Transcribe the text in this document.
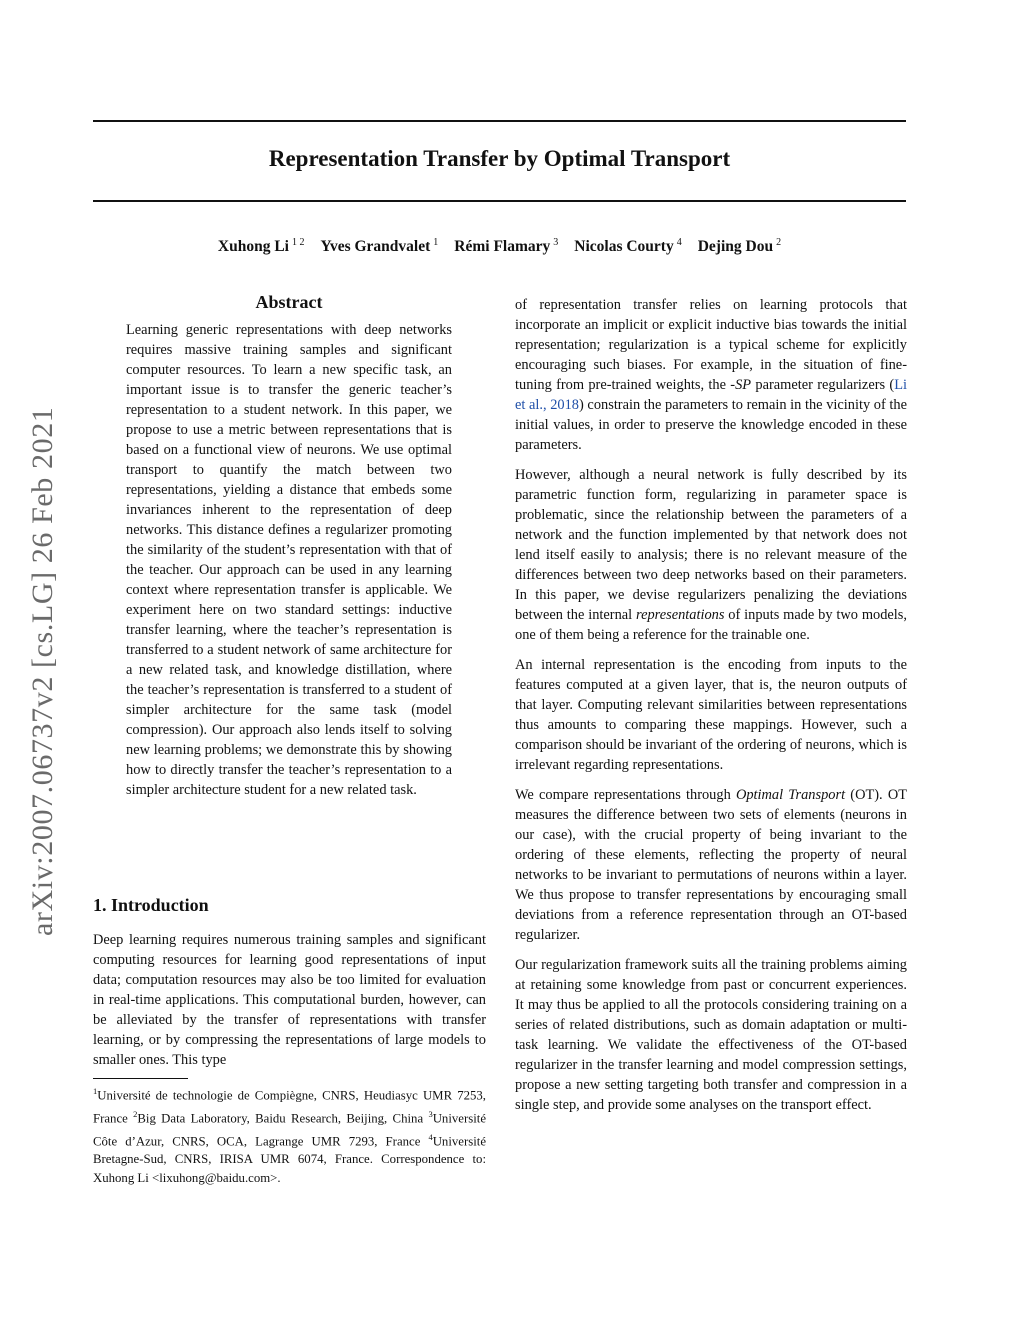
Representation Transfer by Optimal Transport
Xuhong Li $^{1 2}$ Yves Grandvalet $^1$ Rémi Flamary $^3$ Nicolas Courty $^4$ Dejing Dou $^2$
arXiv:2007.06737v2 [cs.LG] 26 Feb 2021
Abstract

Learning generic representations with deep networks requires massive training samples and significant computer resources. To learn a new specific task, an important issue is to transfer the generic teacher’s representation to a student network. In this paper, we propose to use a metric between representations that is based on a functional view of neurons. We use optimal transport to quantify the match between two representations, yielding a distance that embeds some invariances inherent to the representation of deep networks. This distance defines a regularizer promoting the similarity of the student’s representation with that of the teacher. Our approach can be used in any learning context where representation transfer is applicable. We experiment here on two standard settings: inductive transfer learning, where the teacher’s representation is transferred to a student network of same architecture for a new related task, and knowledge distillation, where the teacher’s representation is transferred to a student of simpler architecture for the same task (model compression). Our approach also lends itself to solving new learning problems; we demonstrate this by showing how to directly transfer the teacher’s representation to a simpler architecture student for a new related task.

1. Introduction

Deep learning requires numerous training samples and significant computing resources for learning good representations of input data; computation resources may also be too limited for evaluation in real-time applications. This computational burden, however, can be alleviated by the transfer of representations with transfer learning, or by compressing the representations of large models to smaller ones. This type

$^1$Université de technologie de Compiègne, CNRS, Heudiasyc UMR 7253, France $^2$Big Data Laboratory, Baidu Research, Beijing, China $^3$Université Côte d’Azur, CNRS, OCA, Lagrange UMR 7293, France $^4$Université Bretagne-Sud, CNRS, IRISA UMR 6074, France. Correspondence to: Xuhong Li <lixuhong@baidu.com>.

of representation transfer relies on learning protocols that incorporate an implicit or explicit inductive bias towards the initial representation; regularization is a typical scheme for explicitly encouraging such biases. For example, in the situation of fine-tuning from pre-trained weights, the -SP parameter regularizers (Li et al., 2018) constrain the parameters to remain in the vicinity of the initial values, in order to preserve the knowledge encoded in these parameters.

However, although a neural network is fully described by its parametric function form, regularizing in parameter space is problematic, since the relationship between the parameters of a network and the function implemented by that network does not lend itself easily to analysis; there is no relevant measure of the differences between two deep networks based on their parameters. In this paper, we devise regularizers penalizing the deviations between the internal representations of inputs made by two models, one of them being a reference for the trainable one.

An internal representation is the encoding from inputs to the features computed at a given layer, that is, the neuron outputs of that layer. Computing relevant similarities between representations thus amounts to comparing these mappings. However, such a comparison should be invariant of the ordering of neurons, which is irrelevant regarding representations.

We compare representations through Optimal Transport (OT). OT measures the difference between two sets of elements (neurons in our case), with the crucial property of being invariant to the ordering of these elements, reflecting the property of neural networks to be invariant to permutations of neurons within a layer. We thus propose to transfer representations by encouraging small deviations from a reference representation through an OT-based regularizer.

Our regularization framework suits all the training problems aiming at retaining some knowledge from past or concurrent experiences. It may thus be applied to all the protocols considering training on a series of related distributions, such as domain adaptation or multi-task learning. We validate the effectiveness of the OT-based regularizer in the transfer learning and model compression settings, propose a new setting targeting both transfer and compression in a single step, and provide some analyses on the transport effect.
